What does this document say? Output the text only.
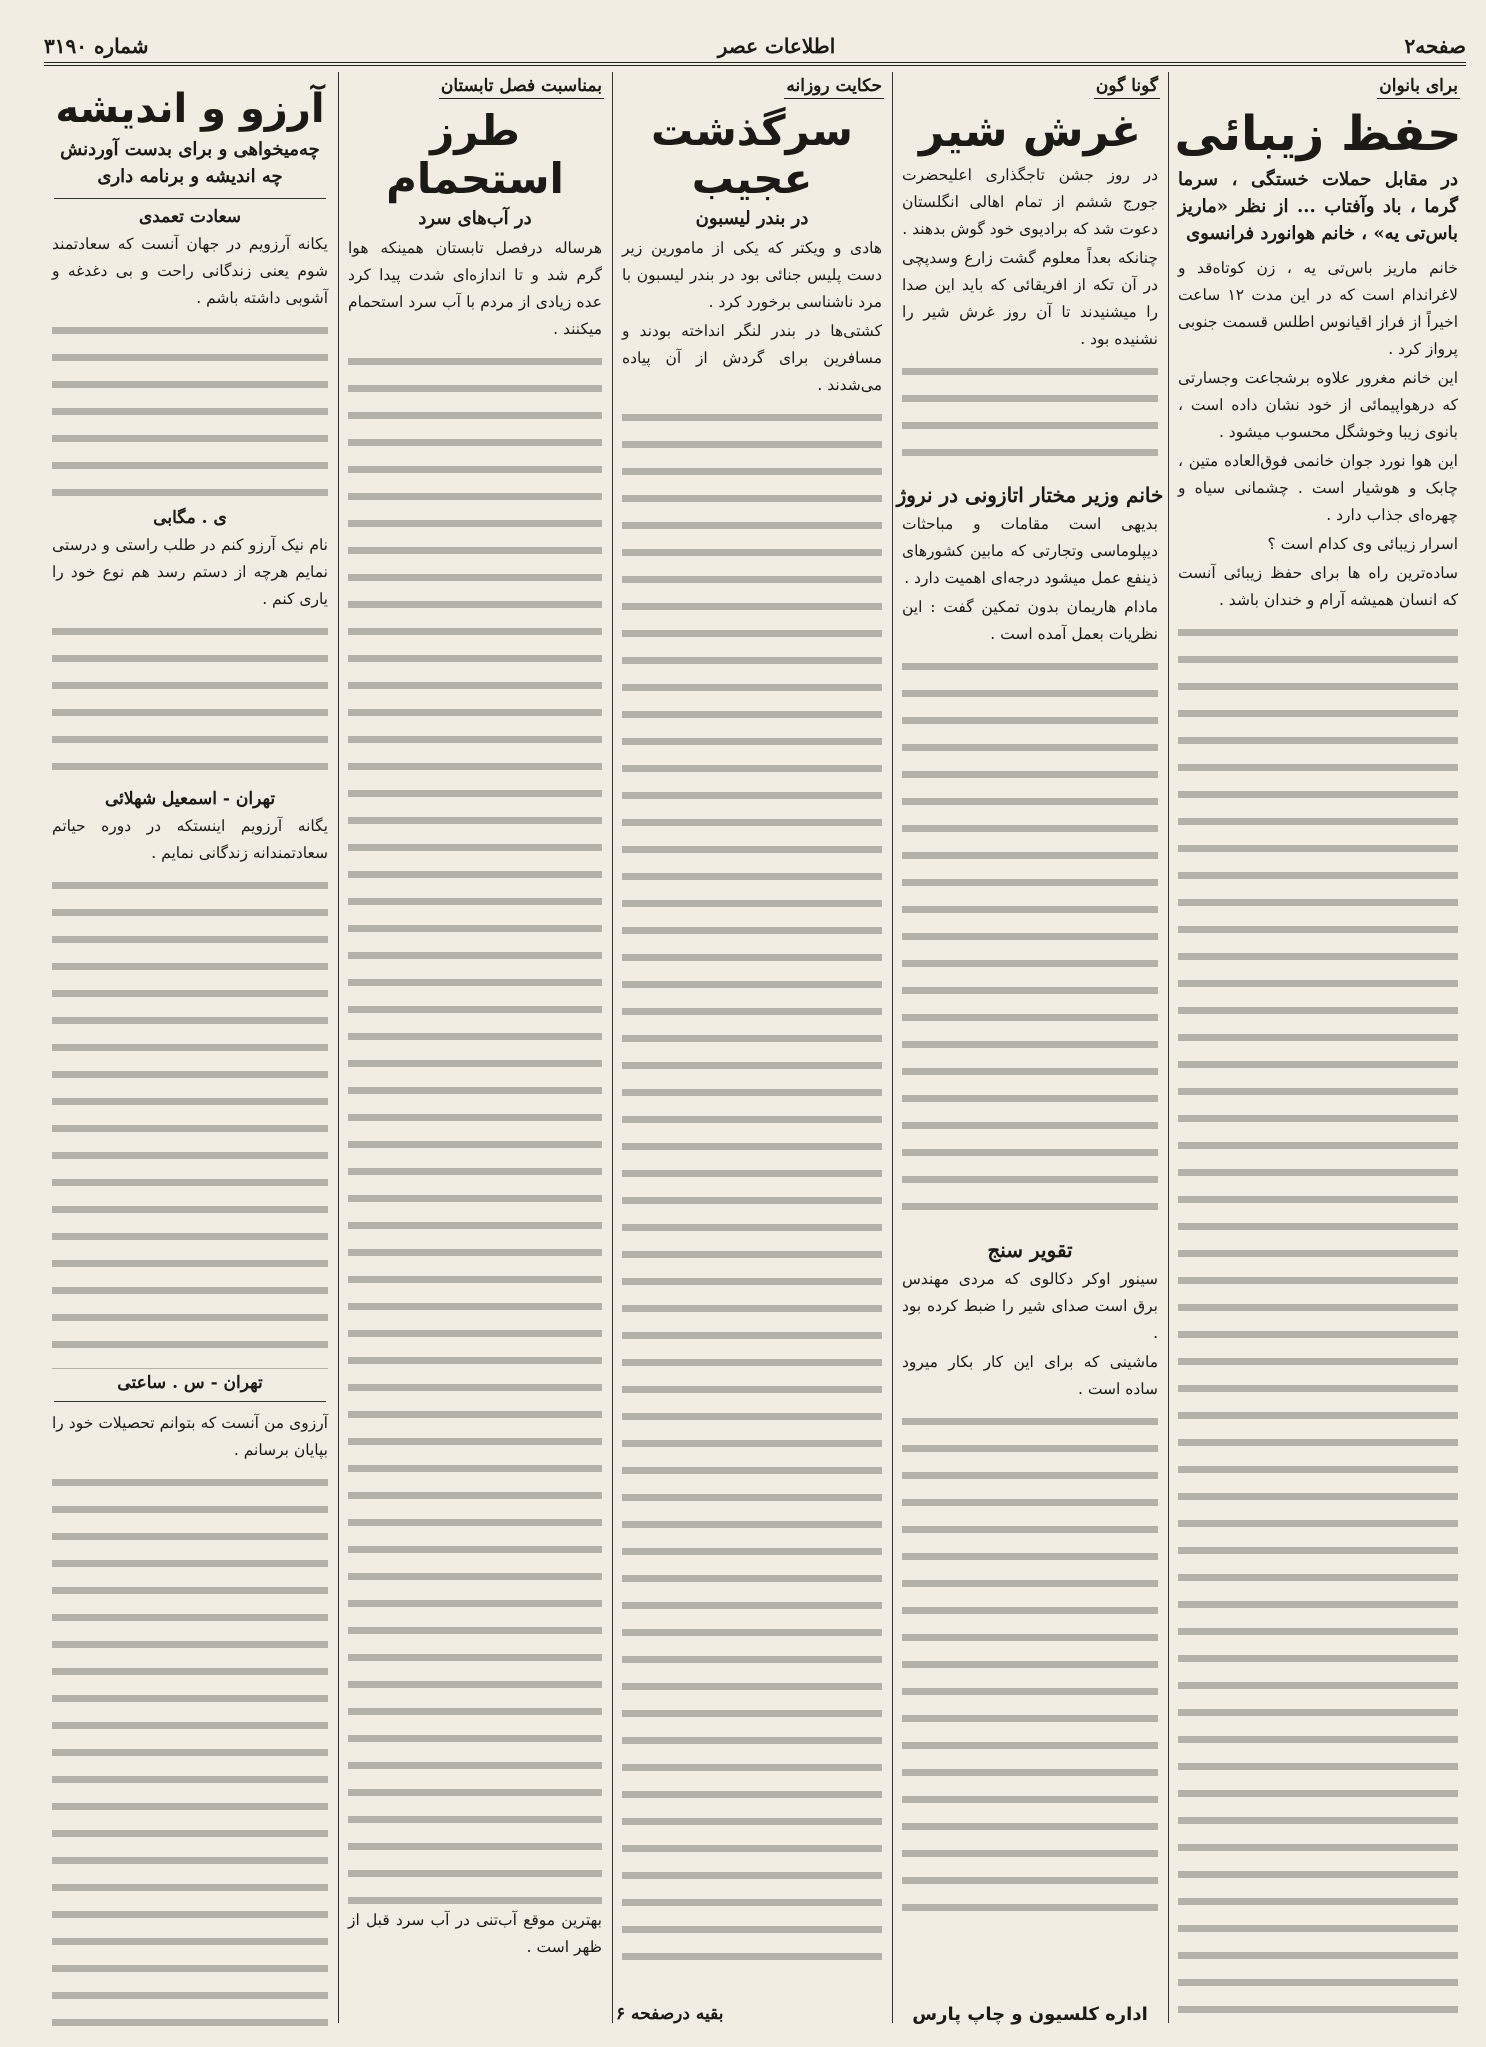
صفحه۲
اطلاعات عصر
شماره ۳۱۹۰
برای بانوان
حفظ زیبائی
در مقابل حملات خستگی ، سرما گرما ، باد وآفتاب ... از نظر «ماریز باس‌تی یه» ، خانم هوانورد فرانسوی

خانم ماریز باس‌تی یه ، زن کوتاه‌قد و لاغراندام است که در این مدت ۱۲ ساعت اخیراً از فراز اقیانوس اطلس قسمت جنوبی پرواز کرد .

این خانم مغرور علاوه برشجاعت وجسارتی که درهواپیمائی از خود نشان داده است ، بانوی زیبا وخوشگل محسوب میشود .

این هوا نورد جوان خانمی فوق‌العاده متین ، چابک و هوشیار است . چشمانی سیاه و چهره‌ای جذاب دارد .

اسرار زیبائی وی کدام است ؟

ساده‌ترین راه ها برای حفظ زیبائی آنست که انسان همیشه آرام و خندان باشد .

گونا گون
غرش شیر

در روز جشن تاجگذاری اعلیحضرت جورج ششم از تمام اهالی انگلستان دعوت شد که برادیوی خود گوش بدهند .

چنانکه بعداً معلوم گشت زارع وسدپچی در آن تکه از افریقائی که باید این صدا را میشنیدند تا آن روز غرش شیر را نشنیده بود .

خانم وزیر مختار اتازونی در نروژ

بدیهی است مقامات و مباحثات دیپلوماسی وتجارتی که مابین کشورهای ذینفع عمل میشود درجه‌ای اهمیت دارد .

مادام هاریمان بدون تمکین گفت : این نظریات بعمل آمده است .

تقویر سنج

سینور اوکر دکالوی که مردی مهندس برق است صدای شیر را ضبط کرده بود .

ماشینی که برای این کار بکار میرود ساده است .

اداره کلسیون و چاپ پارس
حکایت روزانه
سرگذشت عجیب
در بندر لیسبون

هادی و ویکتر که یکی از مامورین زیر دست پلیس جنائی بود در بندر لیسبون با مرد ناشناسی برخورد کرد .

کشتی‌ها در بندر لنگر انداخته بودند و مسافرین برای گردش از آن پیاده می‌شدند .

بقیه درصفحه ۶
بمناسبت فصل تابستان
طرز استحمام
در آب‌های سرد

هرساله درفصل تابستان همینکه هوا گرم شد و تا اندازه‌ای شدت پیدا کرد عده زیادی از مردم با آب سرد استحمام میکنند .

بهترین موقع آب‌تنی در آب سرد قبل از ظهر است .

آرزو و اندیشه
چه‌میخواهی و برای بدست آوردنش چه اندیشه و برنامه داری
سعادت تعمدی
یکانه آرزویم در جهان آنست که سعادتمند شوم یعنی زندگانی راحت و بی دغدغه و آشوبی داشته باشم .
ی . مگابی
نام نیک آرزو کنم در طلب راستی و درستی نمایم هرچه از دستم رسد هم نوع خود را یاری کنم .
تهران - اسمعیل شهلائی
یگانه آرزویم اینستکه در دوره حیاتم سعادتمندانه زندگانی نمایم .
تهران - س . ساعتی
آرزوی من آنست که بتوانم تحصیلات خود را بپایان برسانم .
